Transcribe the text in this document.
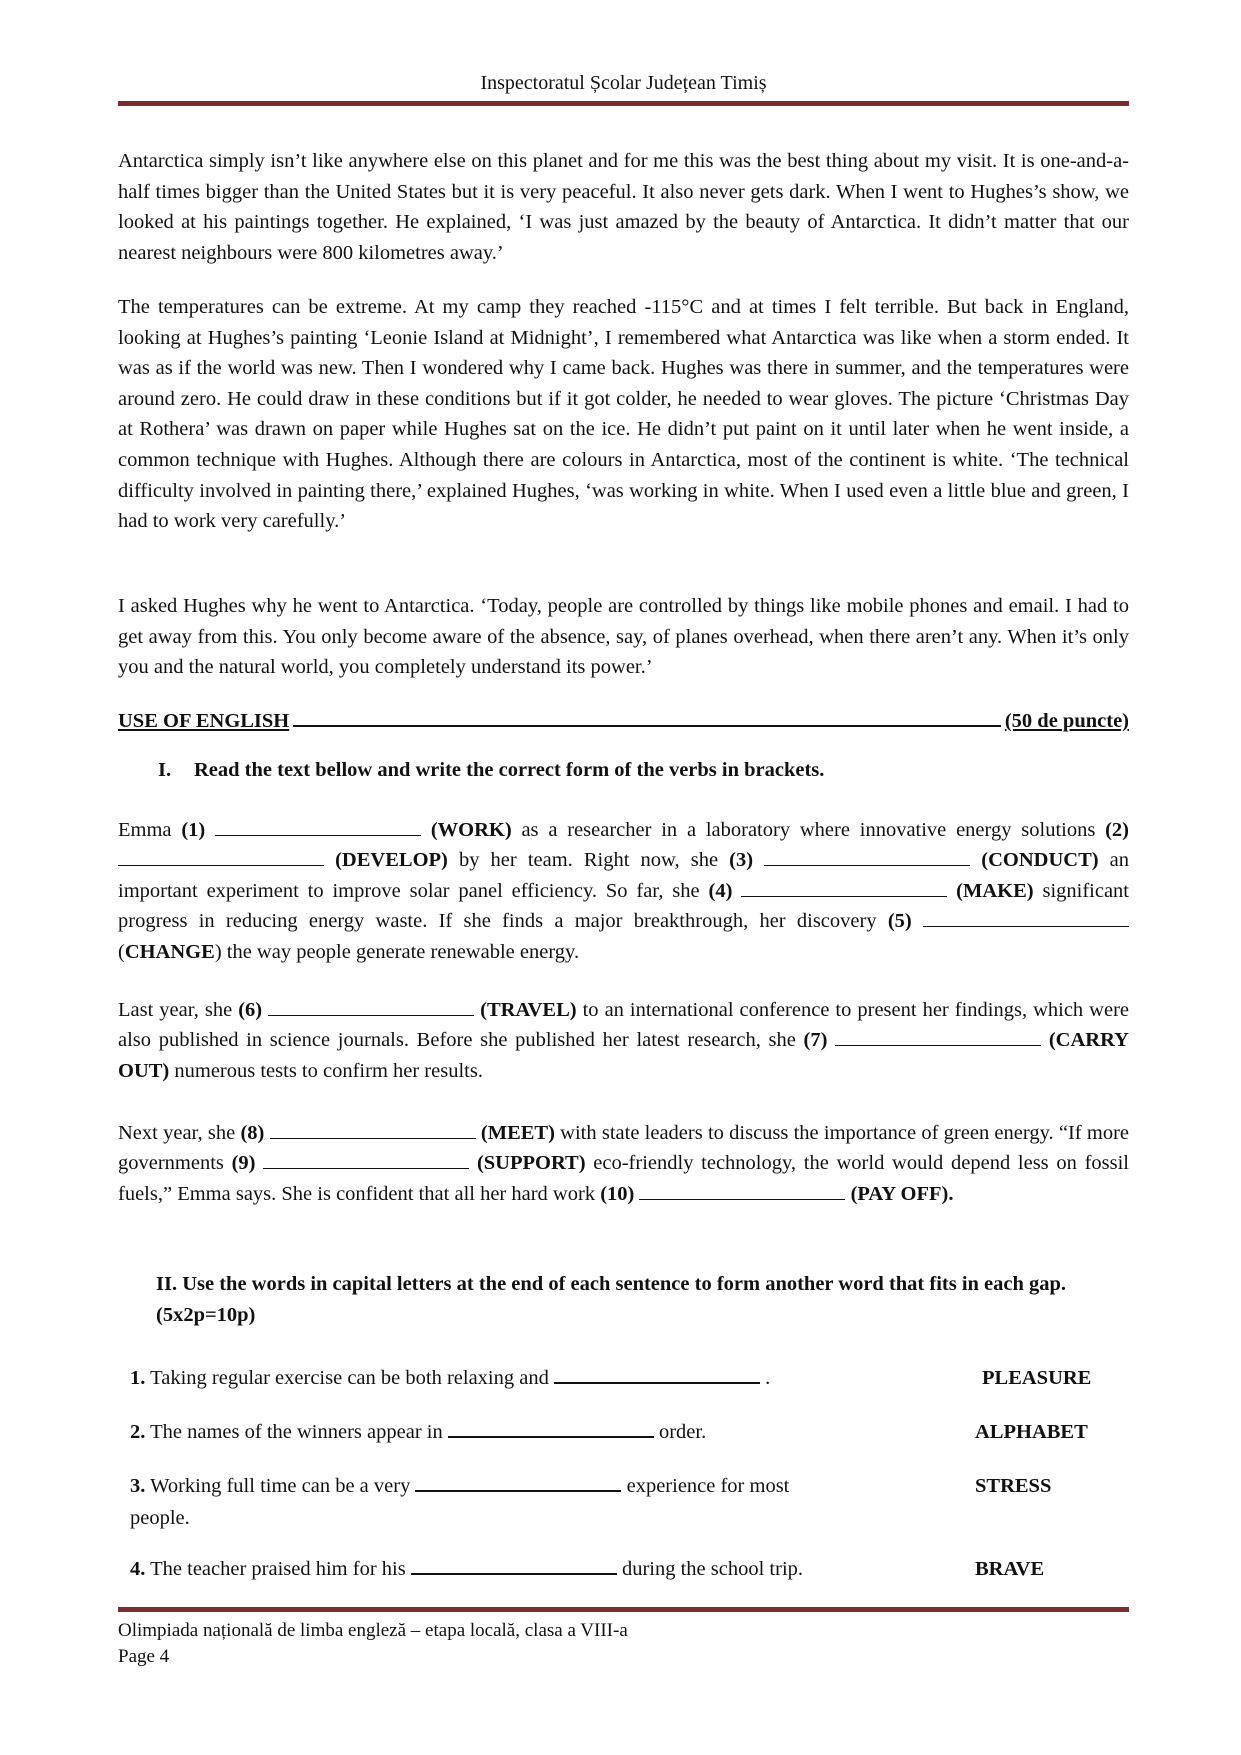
Inspectoratul Școlar Județean Timiș

Antarctica simply isn’t like anywhere else on this planet and for me this was the best thing about my visit. It is one-and-a-half times bigger than the United States but it is very peaceful. It also never gets dark. When I went to Hughes’s show, we looked at his paintings together. He explained, ‘I was just amazed by the beauty of Antarctica. It didn’t matter that our nearest neighbours were 800 kilometres away.’

The temperatures can be extreme. At my camp they reached -115°C and at times I felt terrible. But back in England, looking at Hughes’s painting ‘Leonie Island at Midnight’, I remembered what Antarctica was like when a storm ended. It was as if the world was new. Then I wondered why I came back. Hughes was there in summer, and the temperatures were around zero. He could draw in these conditions but if it got colder, he needed to wear gloves. The picture ‘Christmas Day at Rothera’ was drawn on paper while Hughes sat on the ice. He didn’t put paint on it until later when he went inside, a common technique with Hughes. Although there are colours in Antarctica, most of the continent is white. ‘The technical difficulty involved in painting there,’ explained Hughes, ‘was working in white. When I used even a little blue and green, I had to work very carefully.’

I asked Hughes why he went to Antarctica. ‘Today, people are controlled by things like mobile phones and email. I had to get away from this. You only become aware of the absence, say, of planes overhead, when there aren’t any. When it’s only you and the natural world, you completely understand its power.’

USE OF ENGLISH	(50 de puncte)
I. Read the text bellow and write the correct form of the verbs in brackets.
Emma (1)	(WORK) as a researcher in a laboratory where innovative energy solutions (2)  (DEVELOP) by her team. Right now, she (3)	(CONDUCT) an important experiment to improve solar panel efficiency. So far, she (4)	(MAKE) significant progress in reducing energy waste. If she finds a major breakthrough, her discovery (5)  (CHANGE) the way people generate renewable energy.
Last year, she (6)	(TRAVEL) to an international conference to present her findings, which were also published in science journals. Before she published her latest research, she (7)	(CARRY OUT) numerous tests to confirm her results.
Next year, she (8)	(MEET) with state leaders to discuss the importance of green energy. “If more governments (9)	(SUPPORT) eco-friendly technology, the world would depend less on fossil fuels,” Emma says. She is confident that all her hard work (10)	(PAY OFF).
II. Use the words in capital letters at the end of each sentence to form another word that fits in each gap. (5x2p=10p)
1. Taking regular exercise can be both relaxing and	.	PLEASURE
2. The names of the winners appear in	order.	ALPHABET
3. Working full time can be a very	experience for most people.
STRESS
4. The teacher praised him for his	during the school trip.	BRAVE
Olimpiada națională de limba engleză – etapa locală, clasa a VIII-a
Page 4
